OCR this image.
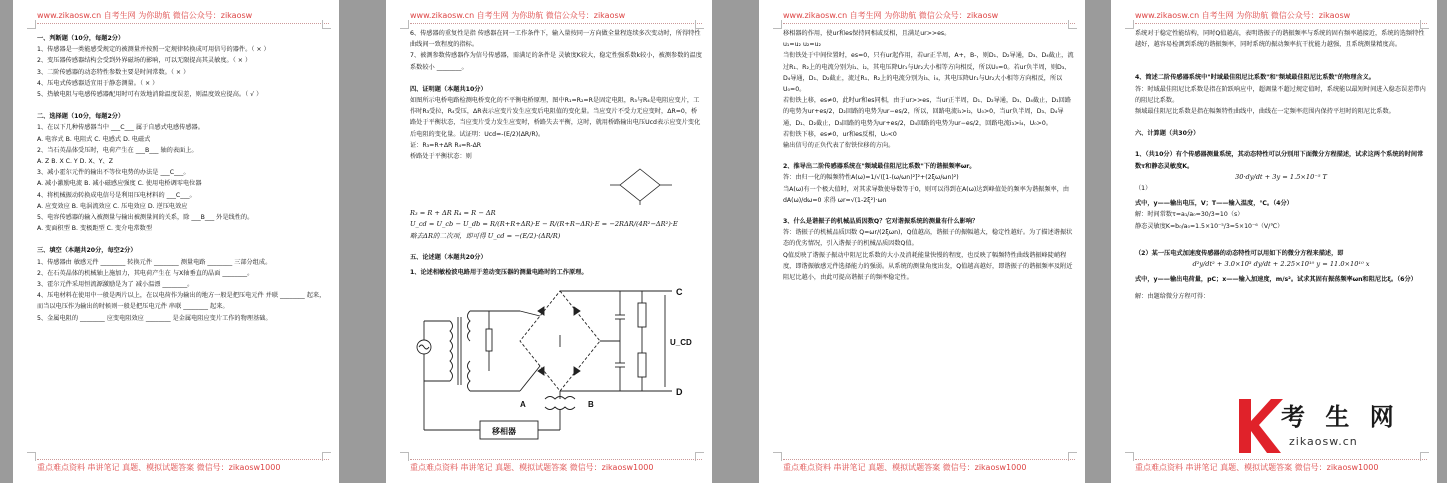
www.zikaosw.cn 自考生网 为你助航 微信公众号：zikaosw

一、判断题（10分，每题2分）

1、传感器是一类能感受规定的被测量并按照一定规律转换成可用信号的器件。（ × ）

2、变压器传感器结构会受到外界磁场的影响，可以无限提高其灵敏度。（ × ）

3、二阶传感器的动态特性参数主要是时间常数。（ × ）

4、压电式传感器适宜用于静态测量。（ × ）

5、热敏电阻与电感传感器配用时可有效地消除温度误差，则温度效应提高。（ √ ）

二、选择题（10分，每题2分）

1、在以下几种传感器当中 ___C___ 属于自感式电感传感器。

A. 电容式 B. 电阻式 C. 电感式 D. 电磁式

2、当石英晶体受压时，电荷产生在 ___B___ 轴的表面上。

A. Z B. X C. Y D. X、Y、Z

3、减小霍尔元件的输出不等位电势的办法是 ___C___。

A. 减小激励电流 B. 减小磁感应强度 C. 使用电桥调零电位器

4、将机械振动转换成电信号是利用压电材料的 ___C___。

A. 应变效应 B. 电涡流效应 C. 压电效应 D. 逆压电效应

5、电容传感器的输入被测量与输出被测量间的关系，除 ___B___ 外是线性的。

A. 变面积型 B. 变极距型 C. 变介电常数型

三、填空（本题共20分，每空2分）

1、传感器由 敏感元件 ________ 转换元件 ________ 测量电路 ________ 三部分组成。

2、在石英晶体的机械轴上施加力，其电荷产生在 与X轴垂直的晶面 ________。

3、霍尔元件采用恒流源激励是为了 减小温漂 ________。

4、压电材料在使用中一般是两片以上，在以电荷作为输出的地方一般是把压电元件 并联 ________ 起来，而当以电压作为输出的时候则一般是把压电元件 串联 ________ 起来。

5、金属电阻的 ________ 应变电阻效应 ________ 是金属电阻应变片工作的物理基础。

重点难点资料 串讲笔记 真题、模拟试题答案 微信号：zikaosw1000
www.zikaosw.cn 自考生网 为你助航 微信公众号：zikaosw

6、传感器的重复性是指 传感器在同一工作条件下，输入量按同一方向做全量程连续多次变动时，所得特性曲线间一致程度的指标。

7、被测参数传感器作为信号传感器，需满足的条件是 灵敏度K较大，稳定性强系数k较小，被测参数的温度系数较小 ________。

四、证明题（本题共10分）

如图所示电桥电路检测电桥变化的不平衡电桥原理，图中R₁=R₂=R是固定电阻，R₃与R₄是电阻应变片，工作时R₃受拉，R₄受压，ΔR表示应变片发生应变后电阻值的变化量。当应变片不受力无应变时，ΔR=0，桥路处于平衡状态，当应变片受力发生应变时，桥路失去平衡，这时，就用桥路输出电压Ucd表示应变片变化后电阻的变化量。试证明：Ucd=-(E/2)(ΔR/R)。

证：R₃=R+ΔR R₄=R-ΔR

桥路处于平衡状态：则

R₃ = R + ΔR R₄ = R − ΔR

U_cd = U_cb − U_db = R/(R+R+ΔR)·E − R/(R+R−ΔR)·E = −2RΔR/(4R²−ΔR²)·E

略去ΔR的二次项，即可得 U_cd = −(E/2)·(ΔR/R)

五、论述题（本题共20分）

1、论述相敏检波电路用于差动变压器的测量电路时的工作原理。

C
D
U_CD
移相器
A	B
重点难点资料 串讲笔记 真题、模拟试题答案 微信号：zikaosw1000
www.zikaosw.cn 自考生网 为你助航 微信公众号：zikaosw

移相器的作用，使ur和es保持同相或反相，且满足ur>>es。

u₁=u₂ u₂=u₂

当衔铁处于中间位置时，es=0，只有ur起作用，若ur正半周，A+，B-，则D₁、D₂导通，D₃、D₄截止，流过R₁、R₂上的电流分别为i₁、i₂，其电压降Ur₁与Ur₂大小相等方向相反，所以U₀=0。若ur负半周，则D₃、D₄导通，D₁、D₂截止，流过R₁、R₂上的电流分别为i₃、i₄，其电压降Ur₁与Ur₂大小相等方向相反，所以U₀=0。

若衔铁上移，es≠0，此时ur和es同相，由于ur>>es，当ur正半周，D₁、D₂导通，D₃、D₄截止，D₁回路的电势为ur+es/2，D₂回路的电势为ur−es/2，所以，回路电流i₁>i₂，U₀>0，当ur负半周，D₃、D₄导通，D₁、D₂截止，D₃回路的电势为ur+es/2，D₄回路的电势为ur−es/2，回路电流i₃>i₄，U₀>0。

若衔铁下移，es≠0，ur和es反相，U₀<0

输出信号的正负代表了衔铁位移的方向。

2、推导出二阶传感器系统在"频域最佳阻尼比系数"下的谐振频率ωr。

答：由归一化的幅频特性A(ω)=1/√([1-(ω/ωn)²]²+(2ξω/ωn)²)

当A(ω)有一个极大值时，对其求导数使导数等于0，则可以得到在A(ω)达到峰值处的频率为谐振频率，由 dA(ω)/dω=0 求得 ωr=√(1-2ξ²)·ωn

3、什么是谐振子的机械品质因数Q？它对谐振系统的测量有什么影响？

答：谐振子的机械品质因数 Q=ωr/(2ξωn)，Q值越高，谐振子的振幅越大，稳定性越好。为了描述谐振状态的优劣情况，引入谐振子的机械品质因数Q值。

Q值反映了谐振子振动中阻尼比系数的大小及消耗能量快慢的程度，也反映了幅频特性曲线谐振峰陡峭程度，即谐振敏感元件选择能力的强弱。从系统的测量角度出发，Q值越高越好，即谐振子的谐振频率及附近阻尼比越小，由此可提高谐振子的频率稳定性。

重点难点资料 串讲笔记 真题、模拟试题答案 微信号：zikaosw1000
www.zikaosw.cn 自考生网 为你助航 微信公众号：zikaosw

系统对于稳定性能结构，同时Q值越高，表明谐振子的谐振频率与系统的固有频率越接近，系统的选频特性越好，越容易检测到系统的谐振频率，同时系统的振动频率抗干扰能力越强，且系统测量精度高。

4、简述二阶传感器系统中"时域最佳阻尼比系数"和"频域最佳阻尼比系数"的物理含义。

答：时域最佳阻尼比系数是指在阶跃响应中，超调量不超过规定值时，系统能以最短时间进入稳态误差带内的阻尼比系数。

频域最佳阻尼比系数是指在幅频特性曲线中，曲线在一定频率范围内保持平坦时的阻尼比系数。

六、计算题（共30分）

1、（共10分）有个传感器测量系统，其动态特性可以分别用下面微分方程描述，试求这两个系统的时间常数τ和静态灵敏度K。

30·dy/dt + 3y = 1.5×10⁻⁵ T

（1）

式中，y——输出电压，V；T——输入温度，℃。（4分）

解：时间常数τ=a₁/a₀=30/3=10（s）

静态灵敏度K=b₀/a₀=1.5×10⁻⁵/3=5×10⁻⁶（V/℃）

（2）某一压电式加速度传感器的动态特性可以用如下的微分方程来描述，即

d²y/dt² + 3.0×10³ dy/dt + 2.25×10¹⁰ y = 11.0×10¹⁰ x

式中，y——输出电荷量，pC；x——输入加速度，m/s²。试求其固有振荡频率ωn和阻尼比ξ。（6分）

解：由题给微分方程可得：

重点难点资料 串讲笔记 真题、模拟试题答案 微信号：zikaosw1000
考 生 网
zikaosw.cn
